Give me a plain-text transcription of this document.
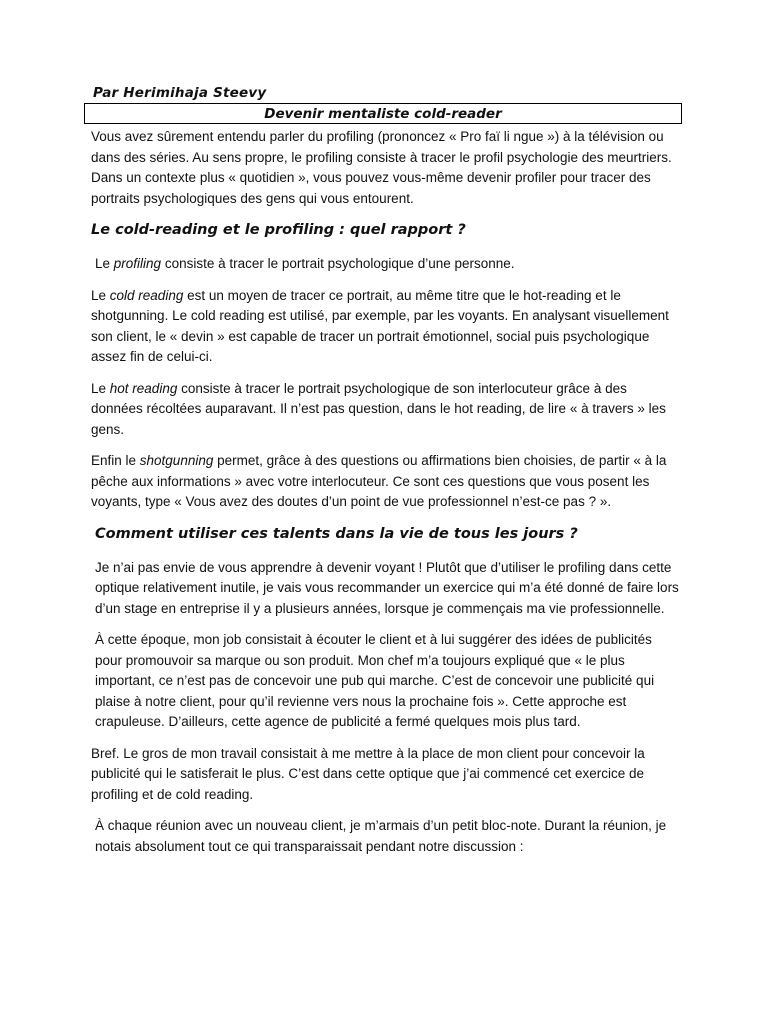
Par Herimihaja Steevy
Devenir mentaliste cold-reader

Vous avez sûrement entendu parler du profiling (prononcez « Pro faï li ngue ») à la télévision ou dans des séries. Au sens propre, le profiling consiste à tracer le profil psychologie des meurtriers. Dans un contexte plus « quotidien », vous pouvez vous-même devenir profiler pour tracer des portraits psychologiques des gens qui vous entourent.

Le cold-reading et le profiling : quel rapport ?

Le profiling consiste à tracer le portrait psychologique d’une personne.

Le cold reading est un moyen de tracer ce portrait, au même titre que le hot-reading et le shotgunning. Le cold reading est utilisé, par exemple, par les voyants. En analysant visuellement son client, le « devin » est capable de tracer un portrait émotionnel, social puis psychologique assez fin de celui-ci.

Le hot reading consiste à tracer le portrait psychologique de son interlocuteur grâce à des données récoltées auparavant. Il n’est pas question, dans le hot reading, de lire « à travers » les gens.

Enfin le shotgunning permet, grâce à des questions ou affirmations bien choisies, de partir « à la pêche aux informations » avec votre interlocuteur. Ce sont ces questions que vous posent les voyants, type « Vous avez des doutes d’un point de vue professionnel n’est-ce pas ? ».

Comment utiliser ces talents dans la vie de tous les jours ?

Je n’ai pas envie de vous apprendre à devenir voyant ! Plutôt que d’utiliser le profiling dans cette optique relativement inutile, je vais vous recommander un exercice qui m’a été donné de faire lors d’un stage en entreprise il y a plusieurs années, lorsque je commençais ma vie professionnelle.

À cette époque, mon job consistait à écouter le client et à lui suggérer des idées de publicités pour promouvoir sa marque ou son produit. Mon chef m’a toujours expliqué que « le plus important, ce n’est pas de concevoir une pub qui marche. C’est de concevoir une publicité qui plaise à notre client, pour qu’il revienne vers nous la prochaine fois ». Cette approche est crapuleuse. D’ailleurs, cette agence de publicité a fermé quelques mois plus tard.

Bref. Le gros de mon travail consistait à me mettre à la place de mon client pour concevoir la publicité qui le satisferait le plus. C’est dans cette optique que j’ai commencé cet exercice de profiling et de cold reading.

À chaque réunion avec un nouveau client, je m’armais d’un petit bloc-note. Durant la réunion, je notais absolument tout ce qui transparaissait pendant notre discussion :
